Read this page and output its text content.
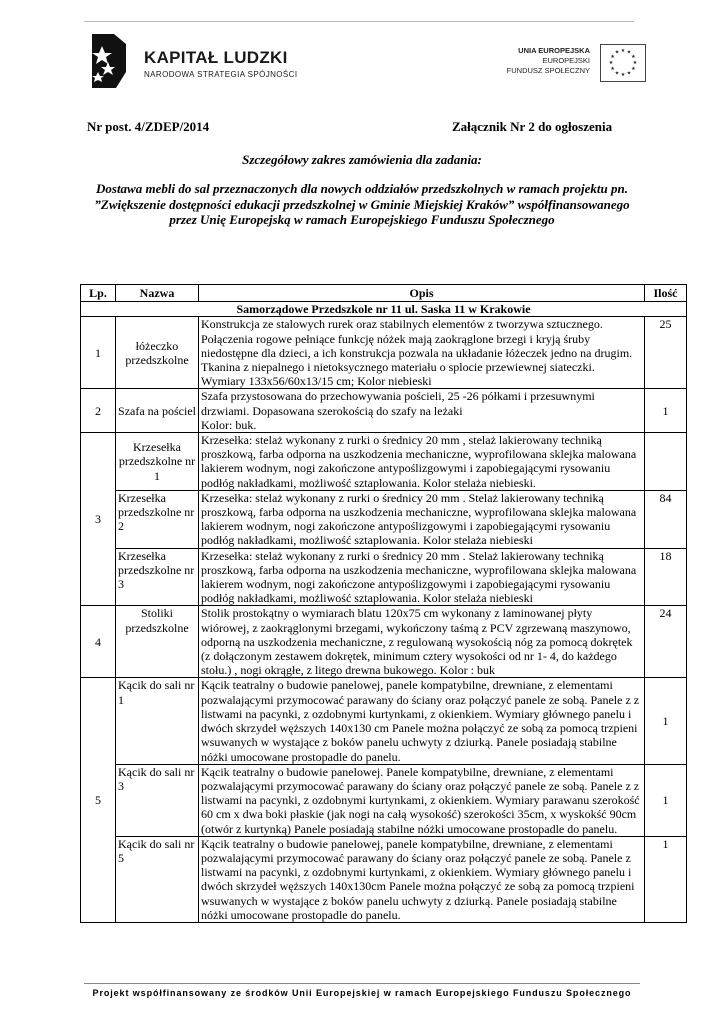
KAPITAŁ LUDZKI
NARODOWA STRATEGIA SPÓJNOŚCI
UNIA EUROPEJSKA
EUROPEJSKI
FUNDUSZ SPOŁECZNY
★ ★
★
★
★
★
★
★
★
★
★
★
Nr post. 4/ZDEP/2014	Załącznik Nr 2 do ogłoszenia
Szczegółowy zakres zamówienia dla zadania:
Dostawa mebli do sal przeznaczonych dla nowych oddziałów przedszkolnych w ramach projektu pn.
”Zwiększenie dostępności edukacji przedszkolnej w Gminie Miejskiej Kraków” współfinansowanego
przez Unię Europejską w ramach Europejskiego Funduszu Społecznego
Lp.	Nazwa	Opis	Ilość
Samorządowe Przedszkole nr 11 ul. Saska 11 w Krakowie			
1	łóżeczko przedszkolne	Konstrukcja ze stalowych rurek oraz stabilnych elementów z tworzywa sztucznego. Połączenia rogowe pełniące funkcję nóżek mają zaokrąglone brzegi i kryją śruby niedostępne dla dzieci, a ich konstrukcja pozwala na układanie łóżeczek jedno na drugim. Tkanina z niepalnego i nietoksycznego materiału o splocie przewiewnej siateczki.
Wymiary 133x56/60x13/15 cm; Kolor niebieski	25
2	Szafa na pościel	Szafa przystosowana do przechowywania pościeli, 25 -26 półkami i przesuwnymi drzwiami. Dopasowana szerokością do szafy na leżaki
Kolor: buk.	1
3	Krzesełka przedszkolne nr 1	Krzesełka: stelaż wykonany z rurki o średnicy 20 mm , stelaż lakierowany techniką proszkową, farba odporna na uszkodzenia mechaniczne, wyprofilowana sklejka malowana lakierem wodnym, nogi zakończone antypoślizgowymi i zapobiegającymi rysowaniu podłóg nakładkami, możliwość sztaplowania. Kolor stelaża niebieski.	
	Krzesełka przedszkolne nr 2	Krzesełka: stelaż wykonany z rurki o średnicy 20 mm . Stelaż lakierowany techniką proszkową, farba odporna na uszkodzenia mechaniczne, wyprofilowana sklejka malowana lakierem wodnym, nogi zakończone antypoślizgowymi i zapobiegającymi rysowaniu podłóg nakładkami, możliwość sztaplowania. Kolor stelaża niebieski	84
	Krzesełka przedszkolne nr 3	Krzesełka: stelaż wykonany z rurki o średnicy 20 mm . Stelaż lakierowany techniką proszkową, farba odporna na uszkodzenia mechaniczne, wyprofilowana sklejka malowana lakierem wodnym, nogi zakończone antypoślizgowymi i zapobiegającymi rysowaniu podłóg nakładkami, możliwość sztaplowania. Kolor stelaża niebieski	18
4	Stoliki przedszkolne	Stolik prostokątny o wymiarach blatu 120x75 cm wykonany z laminowanej płyty wiórowej, z zaokrąglonymi brzegami, wykończony taśmą z PCV zgrzewaną maszynowo, odporną na uszkodzenia mechaniczne, z regulowaną wysokością nóg za pomocą dokrętek (z dołączonym zestawem dokrętek, minimum cztery wysokości od nr 1- 4, do każdego stołu.) , nogi okrągłe, z litego drewna bukowego. Kolor : buk	24
5	Kącik do sali nr 1	Kącik teatralny o budowie panelowej, panele kompatybilne, drewniane, z elementami pozwalającymi przymocować parawany do ściany oraz połączyć panele ze sobą. Panele z z listwami na pacynki, z ozdobnymi kurtynkami, z okienkiem. Wymiary głównego panelu i dwóch skrzydeł węższych 140x130 cm Panele można połączyć ze sobą za pomocą trzpieni wsuwanych w wystające z boków panelu uchwyty z dziurką. Panele posiadają stabilne nóżki umocowane prostopadle do panelu.	1
	Kącik do sali nr 3	Kącik teatralny o budowie panelowej. Panele kompatybilne, drewniane, z elementami pozwalającymi przymocować parawany do ściany oraz połączyć panele ze sobą. Panele z z listwami na pacynki, z ozdobnymi kurtynkami, z okienkiem. Wymiary parawanu szerokość 60 cm x dwa boki płaskie (jak nogi na całą wysokość) szerokości 35cm, x wyskokść 90cm (otwór z kurtynką) Panele posiadają stabilne nóżki umocowane prostopadle do panelu.	1
	Kącik do sali nr 5	Kącik teatralny o budowie panelowej, panele kompatybilne, drewniane, z elementami pozwalającymi przymocować parawany do ściany oraz połączyć panele ze sobą. Panele z listwami na pacynki, z ozdobnymi kurtynkami, z okienkiem. Wymiary głównego panelu i dwóch skrzydeł węższych 140x130cm Panele można połączyć ze sobą za pomocą trzpieni wsuwanych w wystające z boków panelu uchwyty z dziurką. Panele posiadają stabilne nóżki umocowane prostopadle do panelu.	1
Projekt współfinansowany ze środków Unii Europejskiej w ramach Europejskiego Funduszu Społecznego
